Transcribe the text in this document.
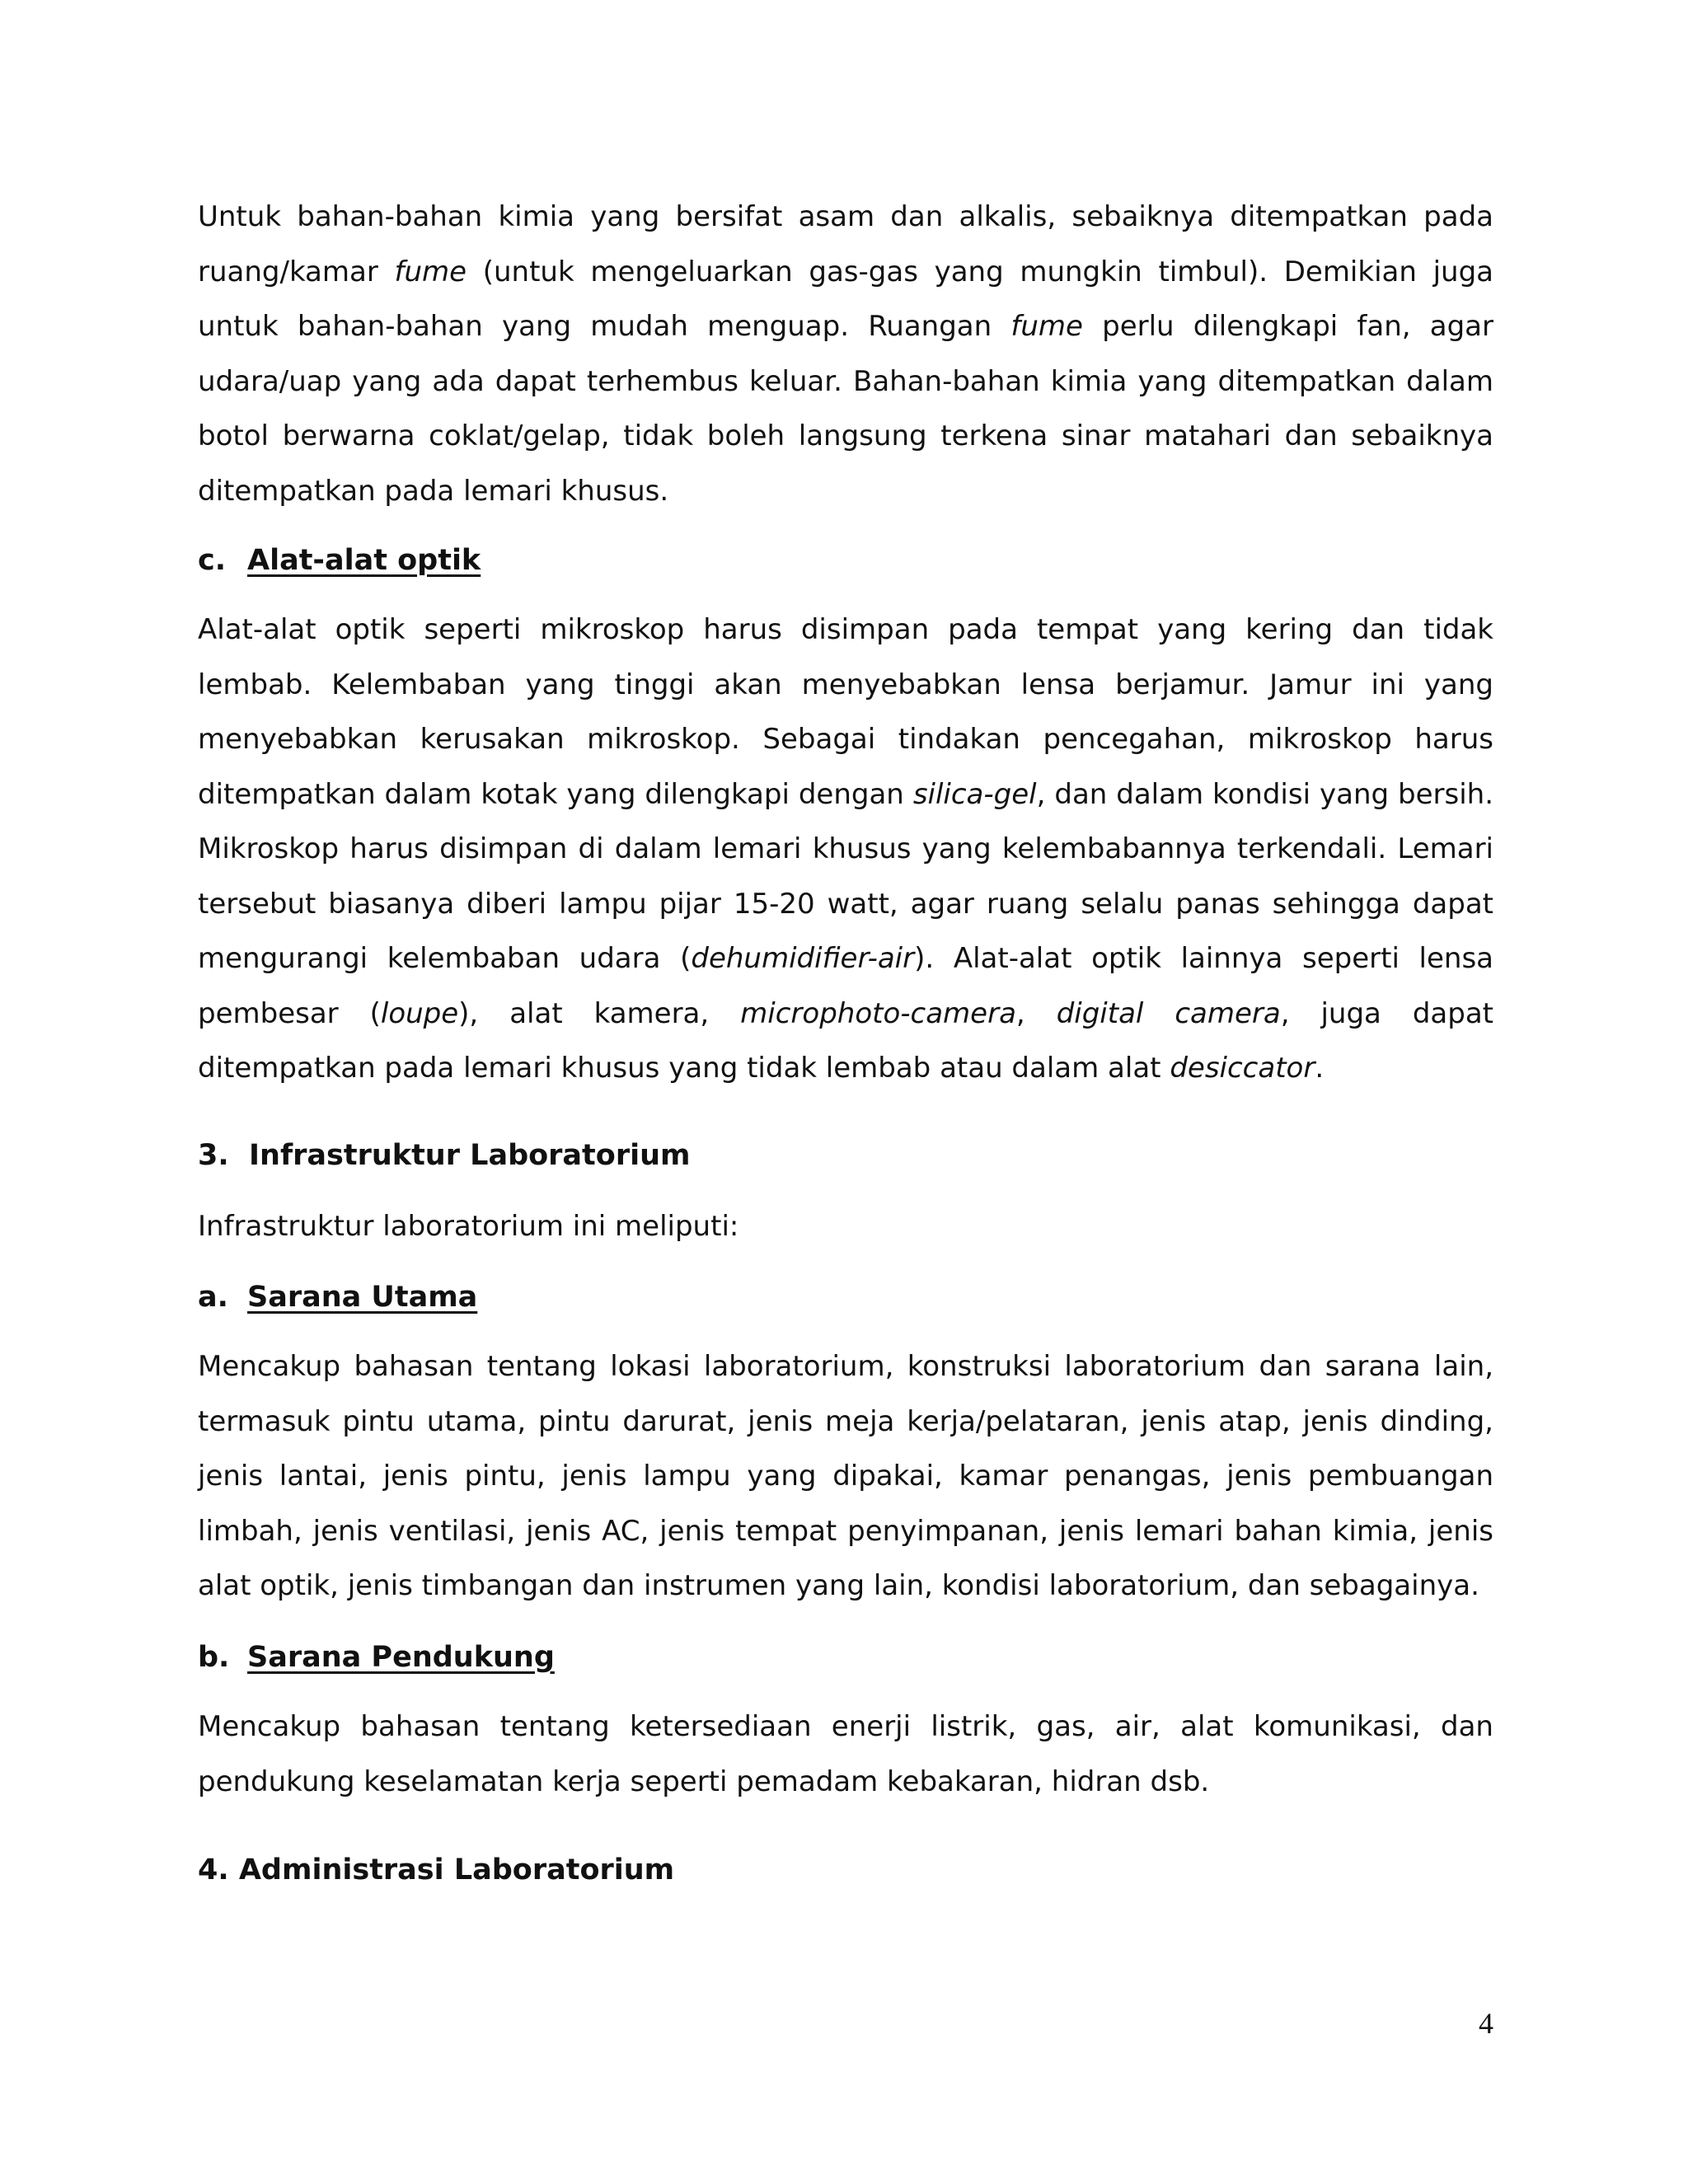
Untuk bahan-bahan kimia yang bersifat asam dan alkalis, sebaiknya ditempatkan pada ruang/kamar fume (untuk mengeluarkan gas-gas yang mungkin timbul). Demikian juga untuk bahan-bahan yang mudah menguap. Ruangan fume perlu dilengkapi fan, agar udara/uap yang ada dapat terhembus keluar. Bahan-bahan kimia yang ditempatkan dalam botol berwarna coklat/gelap, tidak boleh langsung terkena sinar matahari dan sebaiknya ditempatkan pada lemari khusus.

c. Alat-alat optik

Alat-alat optik seperti mikroskop harus disimpan pada tempat yang kering dan tidak lembab. Kelembaban yang tinggi akan menyebabkan lensa berjamur. Jamur ini yang menyebabkan kerusakan mikroskop. Sebagai tindakan pencegahan, mikroskop harus ditempatkan dalam kotak yang dilengkapi dengan silica-gel, dan dalam kondisi yang bersih. Mikroskop harus disimpan di dalam lemari khusus yang kelembabannya terkendali. Lemari tersebut biasanya diberi lampu pijar 15-20 watt, agar ruang selalu panas sehingga dapat mengurangi kelembaban udara (dehumidifier-air). Alat-alat optik lainnya seperti lensa pembesar (loupe), alat kamera, microphoto-camera, digital camera, juga dapat ditempatkan pada lemari khusus yang tidak lembab atau dalam alat desiccator.

3. Infrastruktur Laboratorium

Infrastruktur laboratorium ini meliputi:

a. Sarana Utama

Mencakup bahasan tentang lokasi laboratorium, konstruksi laboratorium dan sarana lain, termasuk pintu utama, pintu darurat, jenis meja kerja/pelataran, jenis atap, jenis dinding, jenis lantai, jenis pintu, jenis lampu yang dipakai, kamar penangas, jenis pembuangan limbah, jenis ventilasi, jenis AC, jenis tempat penyimpanan, jenis lemari bahan kimia, jenis alat optik, jenis timbangan dan instrumen yang lain, kondisi laboratorium, dan sebagainya.

b. Sarana Pendukung

Mencakup bahasan tentang ketersediaan enerji listrik, gas, air, alat komunikasi, dan pendukung keselamatan kerja seperti pemadam kebakaran, hidran dsb.

4. Administrasi Laboratorium
4
